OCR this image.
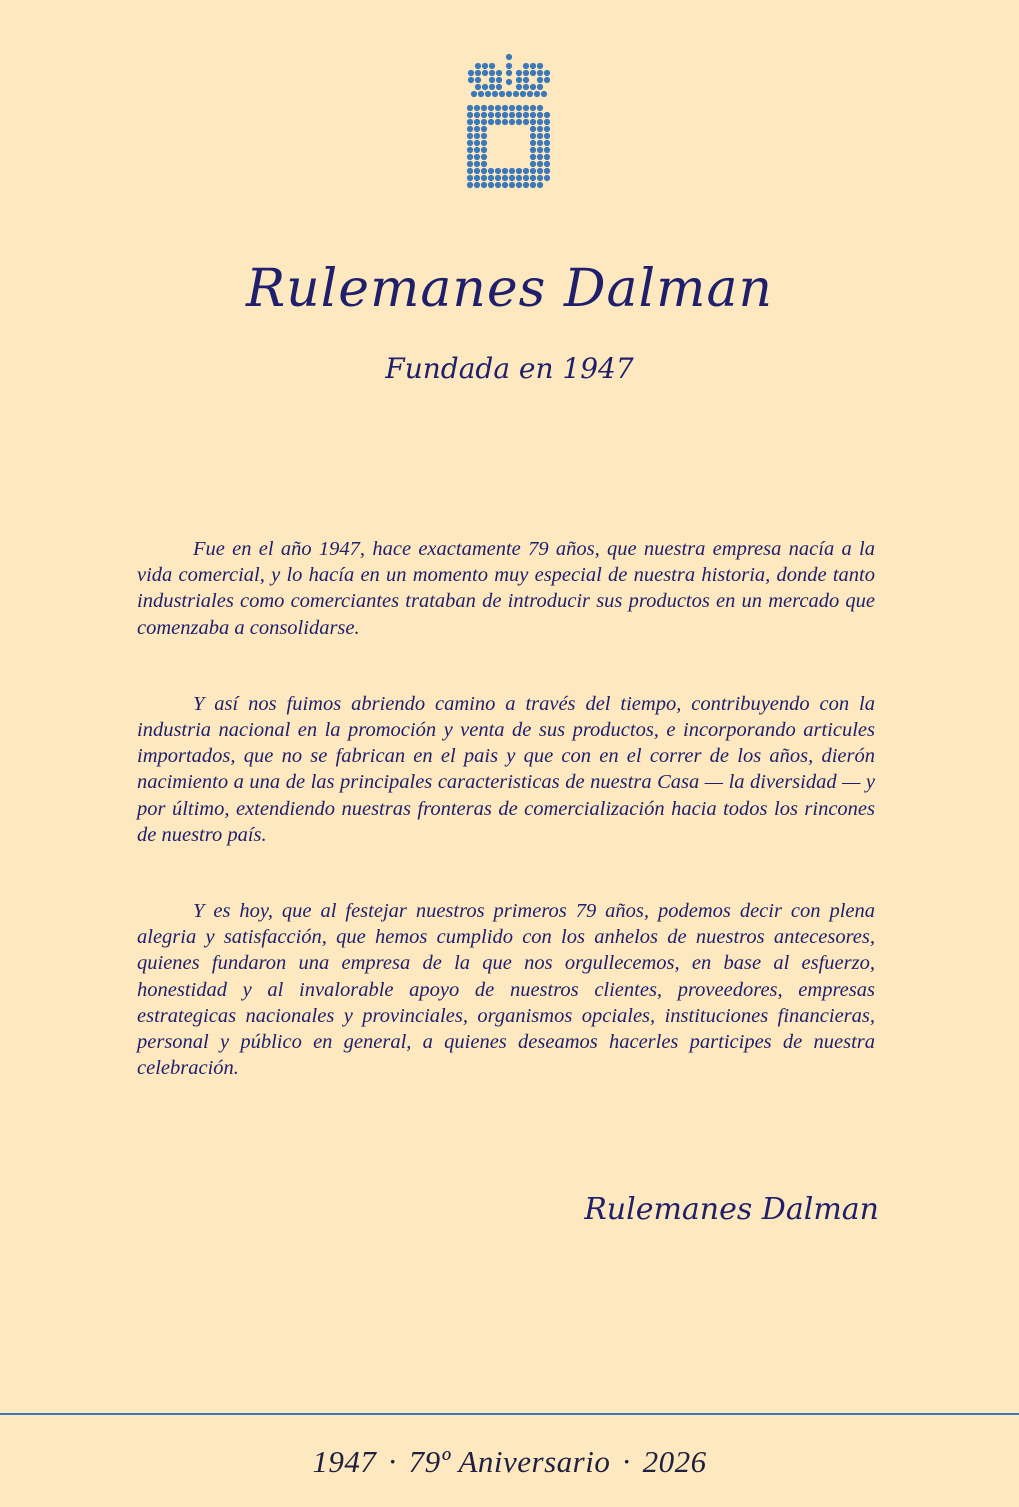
Rulemanes Dalman
Fundada en 1947

Fue en el año 1947, hace exactamente 79 años, que nuestra empresa nacía a la vida comercial, y lo hacía en un momento muy especial de nuestra historia, donde tanto industriales como comerciantes trataban de introducir sus productos en un mercado que comenzaba a consolidarse.

Y así nos fuimos abriendo camino a través del tiempo, contribuyendo con la industria nacional en la promoción y venta de sus productos, e incorporando articules importados, que no se fabrican en el pais y que con en el correr de los años, dierón nacimiento a una de las principales caracteristicas de nuestra Casa — la diversidad — y por último, extendiendo nuestras fronteras de comercialización hacia todos los rincones de nuestro país.

Y es hoy, que al festejar nuestros primeros 79 años, podemos decir con plena alegria y satisfacción, que hemos cumplido con los anhelos de nuestros antecesores, quienes fundaron una empresa de la que nos orgullecemos, en base al esfuerzo, honestidad y al invalorable apoyo de nuestros clientes, proveedores, empresas estrategicas nacionales y provinciales, organismos opciales, instituciones financieras, personal y público en general, a quienes deseamos hacerles participes de nuestra celebración.

Rulemanes Dalman
1947 · 79º Aniversario · 2026
